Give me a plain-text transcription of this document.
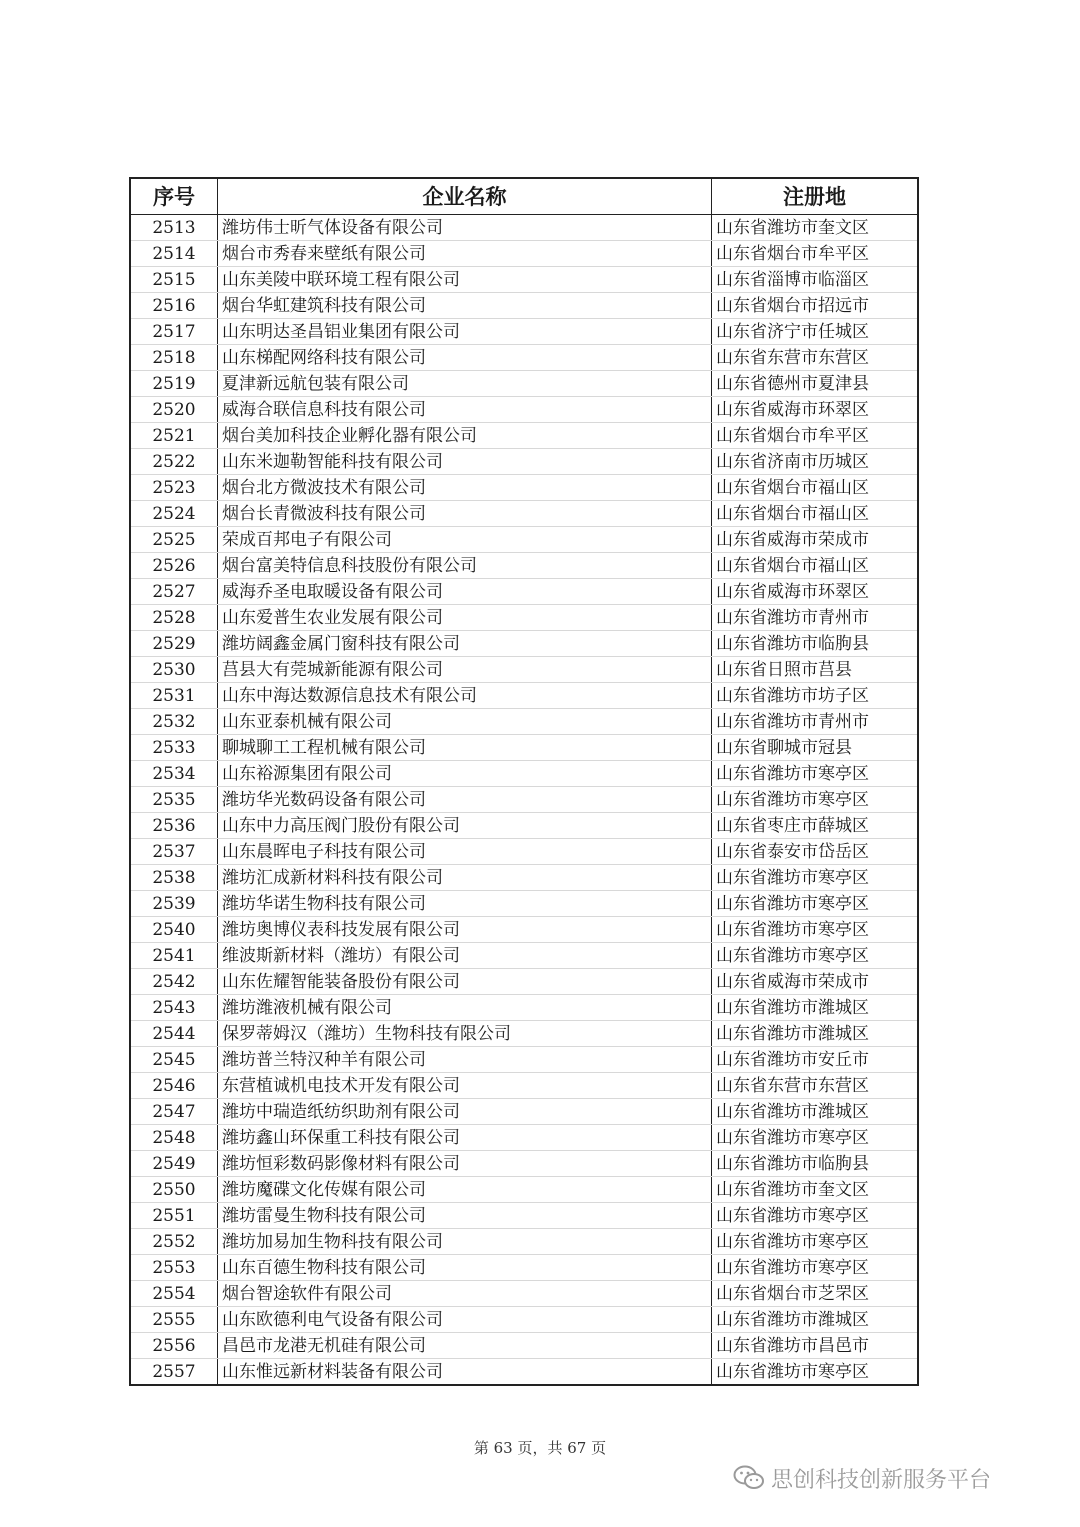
序号	企业名称	注册地
2513	潍坊伟士昕气体设备有限公司	山东省潍坊市奎文区
2514	烟台市秀春来壁纸有限公司	山东省烟台市牟平区
2515	山东美陵中联环境工程有限公司	山东省淄博市临淄区
2516	烟台华虹建筑科技有限公司	山东省烟台市招远市
2517	山东明达圣昌铝业集团有限公司	山东省济宁市任城区
2518	山东梯配网络科技有限公司	山东省东营市东营区
2519	夏津新远航包装有限公司	山东省德州市夏津县
2520	威海合联信息科技有限公司	山东省威海市环翠区
2521	烟台美加科技企业孵化器有限公司	山东省烟台市牟平区
2522	山东米迦勒智能科技有限公司	山东省济南市历城区
2523	烟台北方微波技术有限公司	山东省烟台市福山区
2524	烟台长青微波科技有限公司	山东省烟台市福山区
2525	荣成百邦电子有限公司	山东省威海市荣成市
2526	烟台富美特信息科技股份有限公司	山东省烟台市福山区
2527	威海乔圣电取暖设备有限公司	山东省威海市环翠区
2528	山东爱普生农业发展有限公司	山东省潍坊市青州市
2529	潍坊阔鑫金属门窗科技有限公司	山东省潍坊市临朐县
2530	莒县大有莞城新能源有限公司	山东省日照市莒县
2531	山东中海达数源信息技术有限公司	山东省潍坊市坊子区
2532	山东亚泰机械有限公司	山东省潍坊市青州市
2533	聊城聊工工程机械有限公司	山东省聊城市冠县
2534	山东裕源集团有限公司	山东省潍坊市寒亭区
2535	潍坊华光数码设备有限公司	山东省潍坊市寒亭区
2536	山东中力高压阀门股份有限公司	山东省枣庄市薛城区
2537	山东晨晖电子科技有限公司	山东省泰安市岱岳区
2538	潍坊汇成新材料科技有限公司	山东省潍坊市寒亭区
2539	潍坊华诺生物科技有限公司	山东省潍坊市寒亭区
2540	潍坊奥博仪表科技发展有限公司	山东省潍坊市寒亭区
2541	维波斯新材料（潍坊）有限公司	山东省潍坊市寒亭区
2542	山东佐耀智能装备股份有限公司	山东省威海市荣成市
2543	潍坊潍液机械有限公司	山东省潍坊市潍城区
2544	保罗蒂姆汉（潍坊）生物科技有限公司	山东省潍坊市潍城区
2545	潍坊普兰特汉种羊有限公司	山东省潍坊市安丘市
2546	东营植诚机电技术开发有限公司	山东省东营市东营区
2547	潍坊中瑞造纸纺织助剂有限公司	山东省潍坊市潍城区
2548	潍坊鑫山环保重工科技有限公司	山东省潍坊市寒亭区
2549	潍坊恒彩数码影像材料有限公司	山东省潍坊市临朐县
2550	潍坊魔碟文化传媒有限公司	山东省潍坊市奎文区
2551	潍坊雷曼生物科技有限公司	山东省潍坊市寒亭区
2552	潍坊加易加生物科技有限公司	山东省潍坊市寒亭区
2553	山东百德生物科技有限公司	山东省潍坊市寒亭区
2554	烟台智途软件有限公司	山东省烟台市芝罘区
2555	山东欧德利电气设备有限公司	山东省潍坊市潍城区
2556	昌邑市龙港无机硅有限公司	山东省潍坊市昌邑市
2557	山东惟远新材料装备有限公司	山东省潍坊市寒亭区
第 63 页，共 67 页
思创科技创新服务平台
